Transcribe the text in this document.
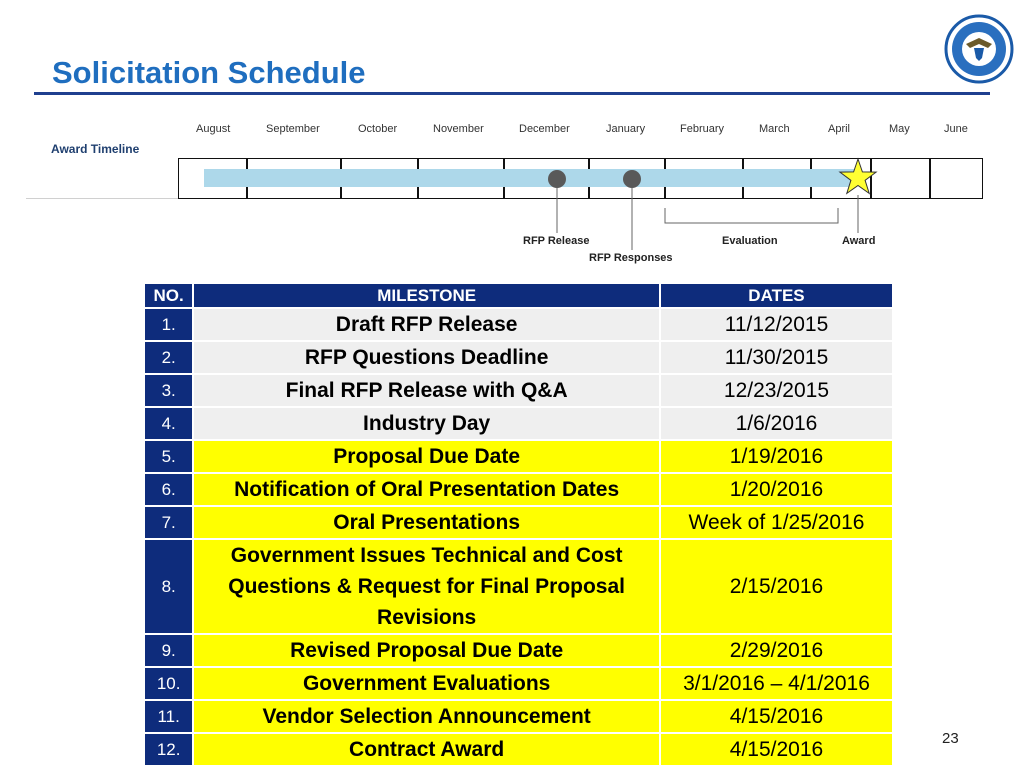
Solicitation Schedule
August	September	October	November	December	January	February	March	April	May	June
Award Timeline
RFP Release
RFP Responses
Evaluation	Award
NO.	MILESTONE	DATES
1.	Draft RFP Release	11/12/2015
2.	RFP Questions Deadline	11/30/2015
3.	Final RFP Release with Q&A	12/23/2015
4.	Industry Day	1/6/2016
5.	Proposal Due Date	1/19/2016
6.	Notification of Oral Presentation Dates	1/20/2016
7.	Oral Presentations	Week of 1/25/2016
8.	Government Issues Technical and Cost Questions & Request for Final Proposal Revisions	2/15/2016
9.	Revised Proposal Due Date	2/29/2016
10.	Government Evaluations	3/1/2016 – 4/1/2016
11.	Vendor Selection Announcement	4/15/2016
12.	Contract Award	4/15/2016	23
